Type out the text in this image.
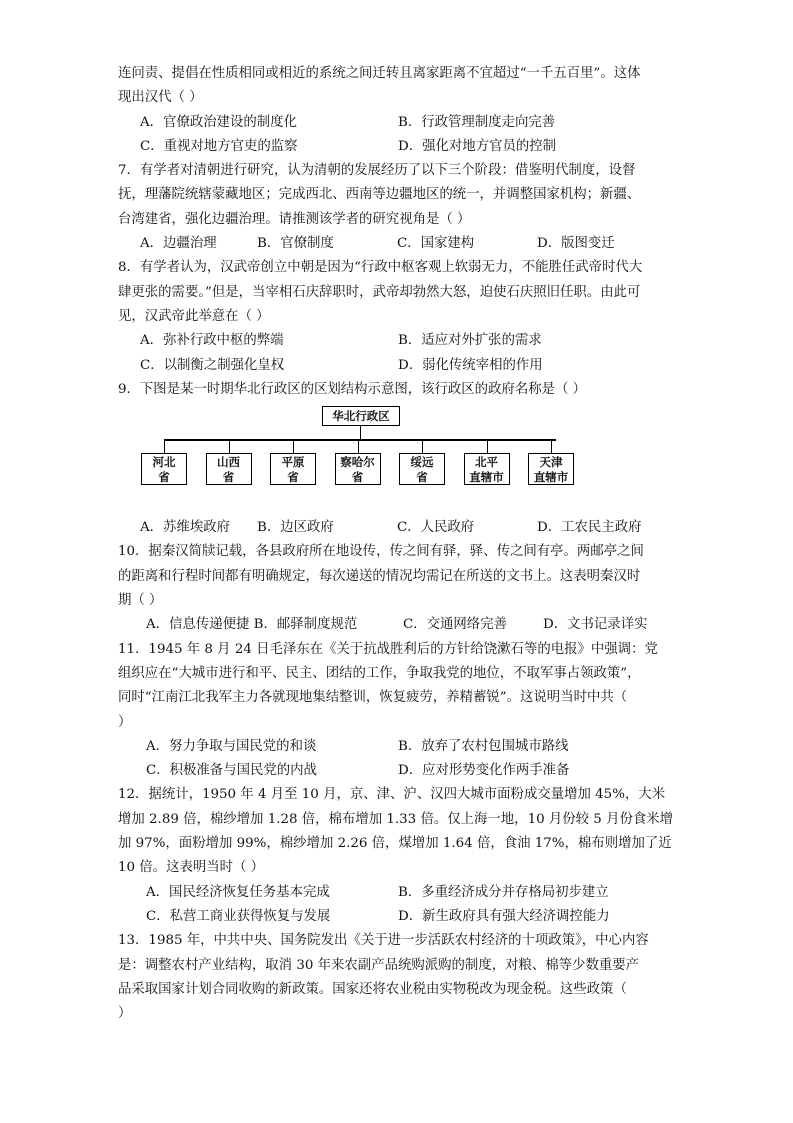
连问责、提倡在性质相同或相近的系统之间迁转且离家距离不宜超过“一千五百里”。这体
现出汉代（ ）
A．官僚政治建设的制度化	B．行政管理制度走向完善
C．重视对地方官吏的监察	D．强化对地方官员的控制
7．有学者对清朝进行研究，认为清朝的发展经历了以下三个阶段：借鉴明代制度，设督
抚，理藩院统辖蒙藏地区；完成西北、西南等边疆地区的统一，并调整国家机构；新疆、
台湾建省，强化边疆治理。请推测该学者的研究视角是（ ）
A．边疆治理	B．官僚制度	C．国家建构	D．版图变迁
8．有学者认为，汉武帝创立中朝是因为“行政中枢客观上软弱无力，不能胜任武帝时代大
肆更张的需要。”但是，当宰相石庆辞职时，武帝却勃然大怒，迫使石庆照旧任职。由此可
见，汉武帝此举意在（ ）
A．弥补行政中枢的弊端	B．适应对外扩张的需求
C．以制衡之制强化皇权	D．弱化传统宰相的作用
9．下图是某一时期华北行政区的区划结构示意图，该行政区的政府名称是（ ）
华北行政区
河北
省
山西
省
平原
省
察哈尔
省
绥远
省
北平
直辖市
天津
直辖市
A．苏维埃政府	B．边区政府	C．人民政府	D．工农民主政府
10．据秦汉简牍记载，各县政府所在地设传，传之间有驿，驿、传之间有亭。两邮亭之间
的距离和行程时间都有明确规定，每次递送的情况均需记在所送的文书上。这表明秦汉时
期（ ）
A．信息传递便捷 B．邮驿制度规范	C．交通网络完善	D．文书记录详实
11．1945 年 8 月 24 日毛泽东在《关于抗战胜利后的方针给饶漱石等的电报》中强调：党
组织应在“大城市进行和平、民主、团结的工作，争取我党的地位，不取军事占领政策”，
同时“江南江北我军主力各就现地集结整训，恢复疲劳，养精蓄锐”。这说明当时中共（
）
A．努力争取与国民党的和谈	B．放弃了农村包围城市路线
C．积极准备与国民党的内战	D．应对形势变化作两手准备
12．据统计，1950 年 4 月至 10 月，京、津、沪、汉四大城市面粉成交量增加 45%，大米
增加 2.89 倍，棉纱增加 1.28 倍，棉布增加 1.33 倍。仅上海一地，10 月份较 5 月份食米增
加 97%，面粉增加 99%，棉纱增加 2.26 倍，煤增加 1.64 倍，食油 17%，棉布则增加了近
10 倍。这表明当时（ ）
A．国民经济恢复任务基本完成	B．多重经济成分并存格局初步建立
C．私营工商业获得恢复与发展	D．新生政府具有强大经济调控能力
13．1985 年，中共中央、国务院发出《关于进一步活跃农村经济的十项政策》，中心内容
是：调整农村产业结构，取消 30 年来农副产品统购派购的制度，对粮、棉等少数重要产
品采取国家计划合同收购的新政策。国家还将农业税由实物税改为现金税。这些政策（
）
